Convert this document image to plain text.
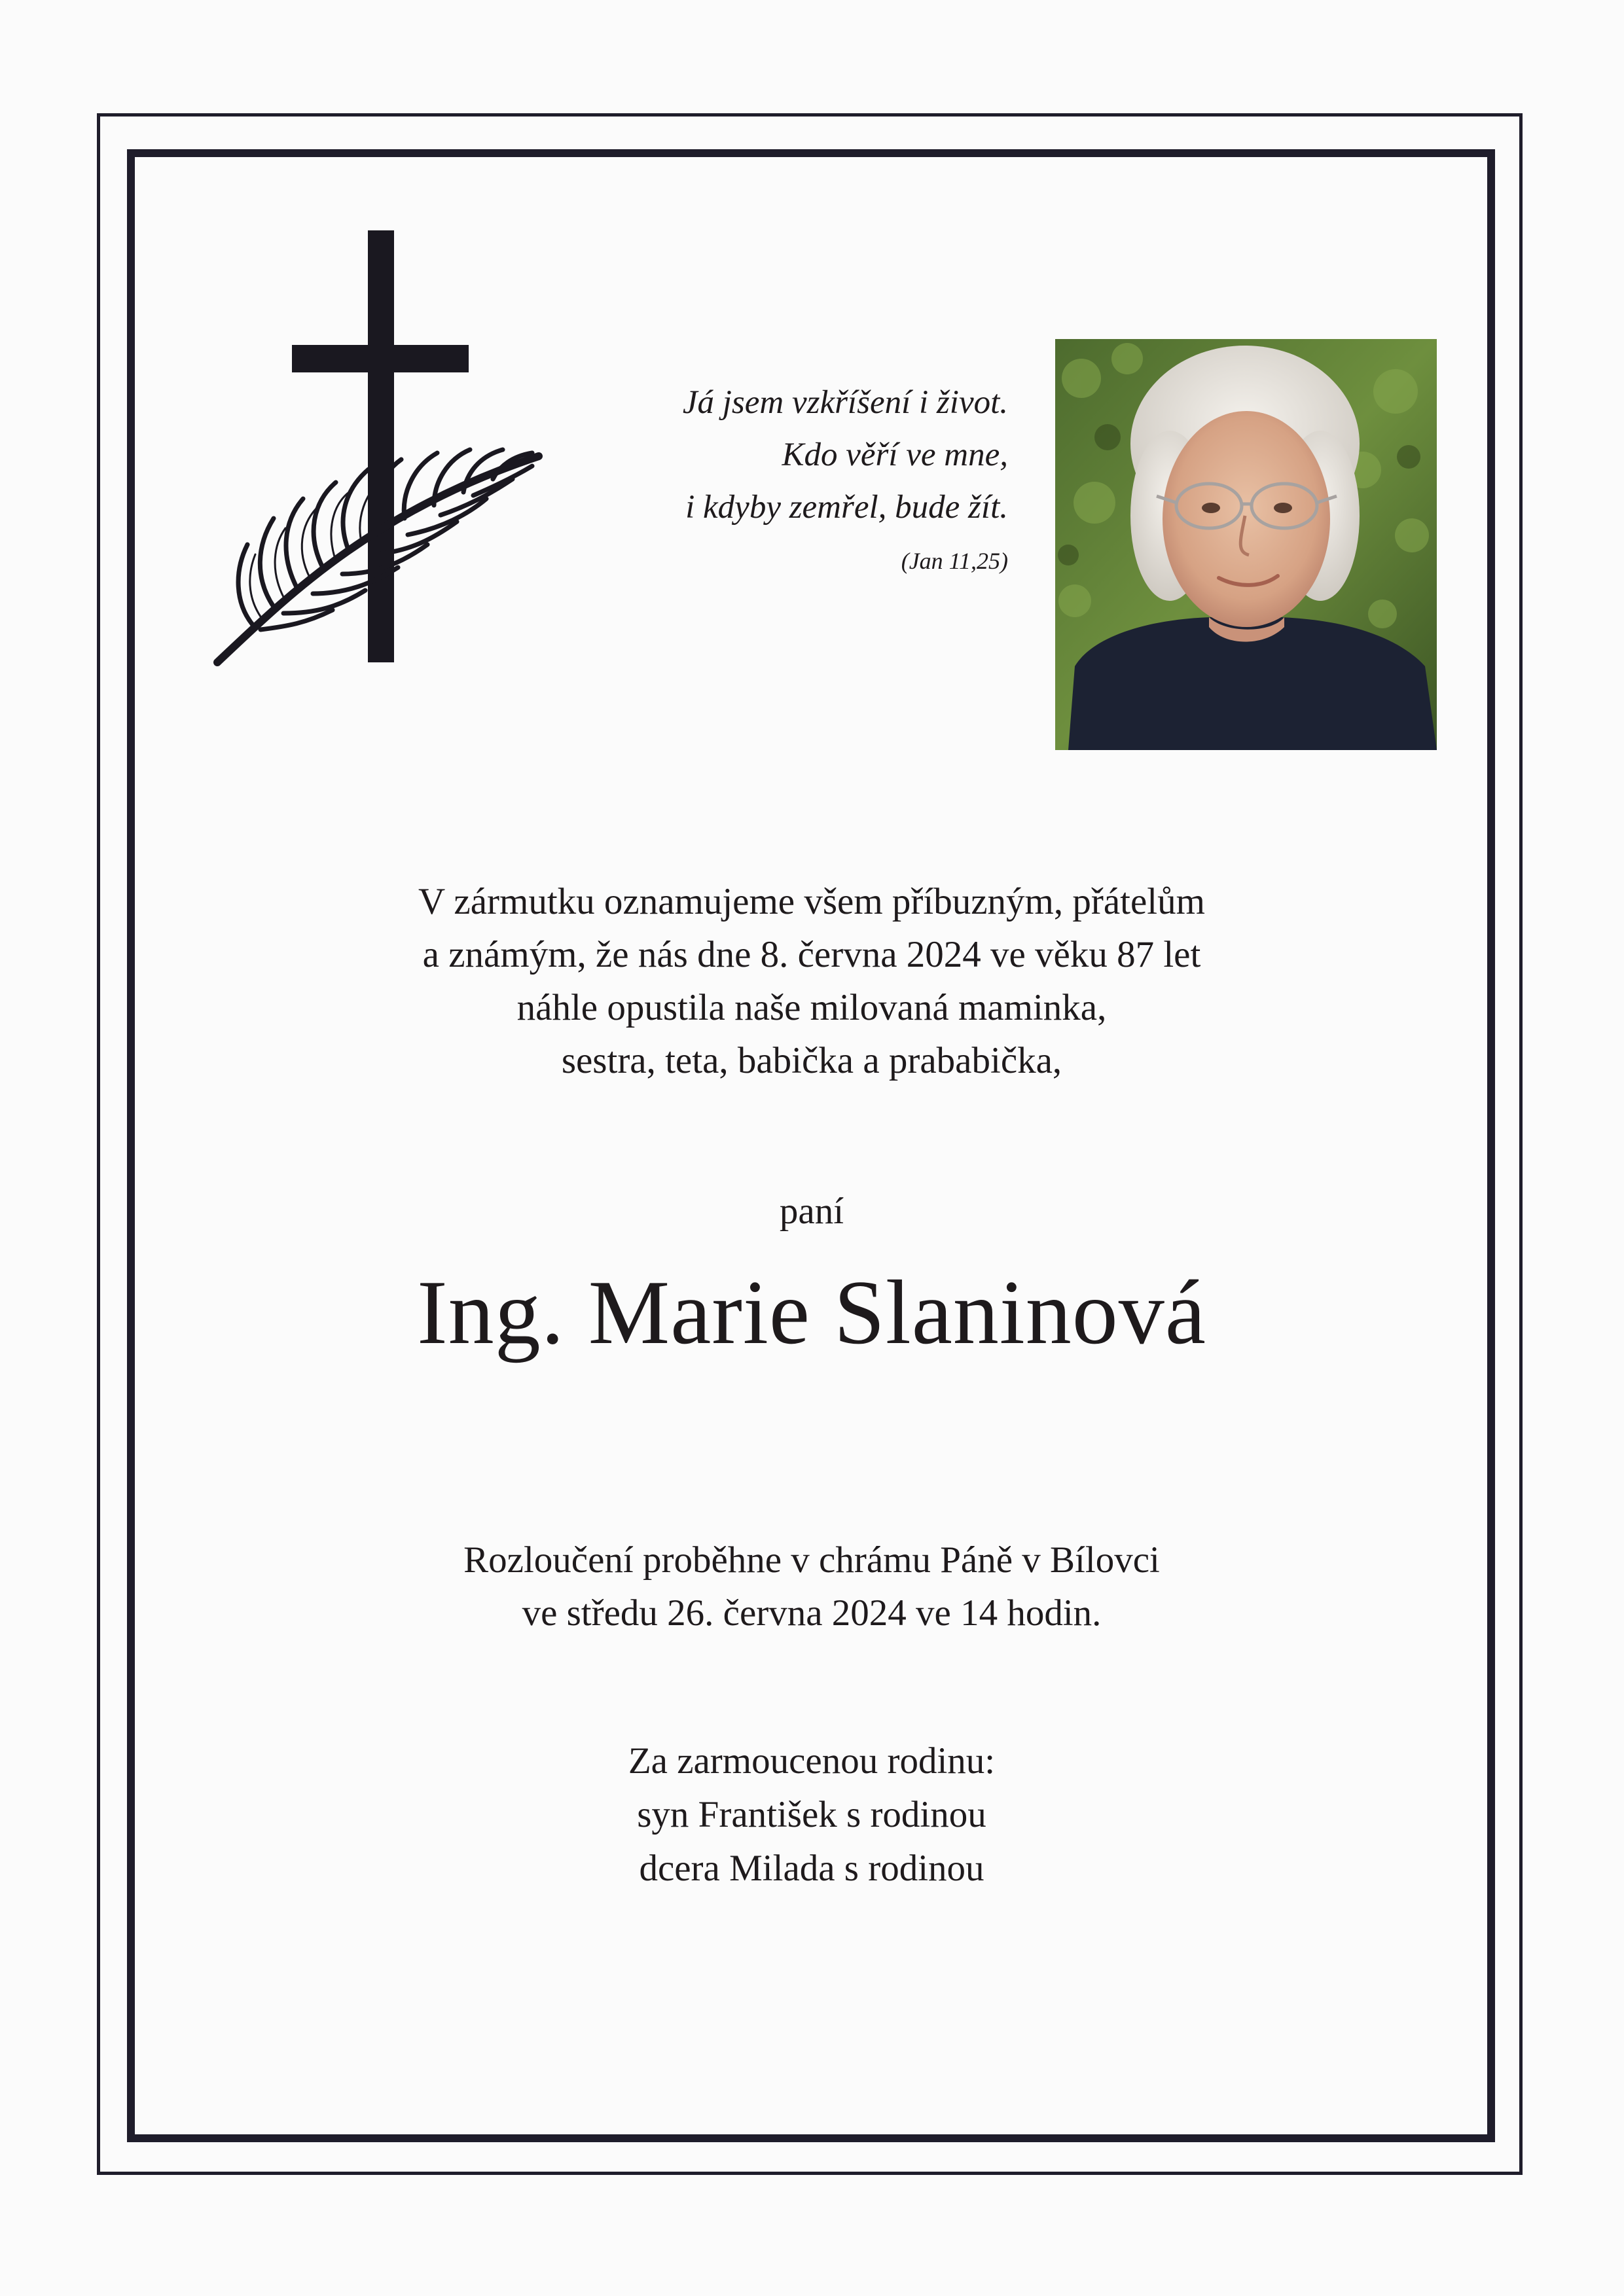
Já jsem vzkříšení i život.
Kdo věří ve mne,
i kdyby zemřel, bude žít.
(Jan 11,25)
V zármutku oznamujeme všem příbuzným, přátelům
a známým, že nás dne 8. června 2024 ve věku 87 let
náhle opustila naše milovaná maminka,
sestra, teta, babička a prababička,
paní
Ing. Marie Slaninová
Rozloučení proběhne v chrámu Páně v Bílovci
ve středu 26. června 2024 ve 14 hodin.
Za zarmoucenou rodinu:
syn František s rodinou
dcera Milada s rodinou
